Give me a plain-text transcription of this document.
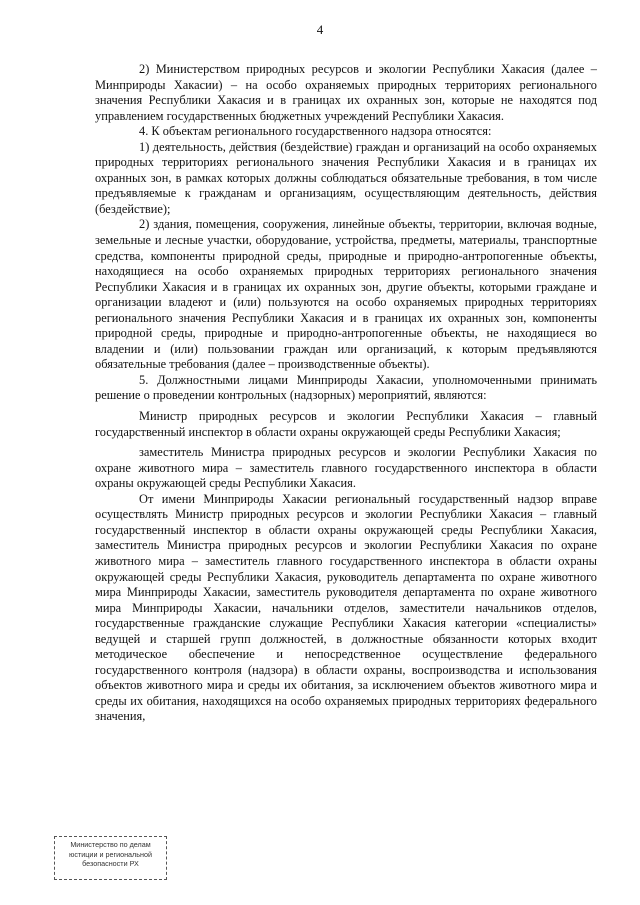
4

2) Министерством природных ресурсов и экологии Республики Хакасия (далее – Минприроды Хакасии) – на особо охраняемых природных территориях регионального значения Республики Хакасия и в границах их охранных зон, которые не находятся под управлением государственных бюджетных учреждений Республики Хакасия.

4. К объектам регионального государственного надзора относятся:

1) деятельность, действия (бездействие) граждан и организаций на особо охраняемых природных территориях регионального значения Республики Хакасия и в границах их охранных зон, в рамках которых должны соблюдаться обязательные требования, в том числе предъявляемые к гражданам и организациям, осуществляющим деятельность, действия (бездействие);

2) здания, помещения, сооружения, линейные объекты, территории, включая водные, земельные и лесные участки, оборудование, устройства, предметы, материалы, транспортные средства, компоненты природной среды, природные и природно-антропогенные объекты, находящиеся на особо охраняемых природных территориях регионального значения Республики Хакасия и в границах их охранных зон, другие объекты, которыми граждане и организации владеют и (или) пользуются на особо охраняемых природных территориях регионального значения Республики Хакасия и в границах их охранных зон, компоненты природной среды, природные и природно-антропогенные объекты, не находящиеся во владении и (или) пользовании граждан или организаций, к которым предъявляются обязательные требования (далее – производственные объекты).

5. Должностными лицами Минприроды Хакасии, уполномоченными принимать решение о проведении контрольных (надзорных) мероприятий, являются:

Министр природных ресурсов и экологии Республики Хакасия – главный государственный инспектор в области охраны окружающей среды Республики Хакасия;

заместитель Министра природных ресурсов и экологии Республики Хакасия по охране животного мира – заместитель главного государственного инспектора в области охраны окружающей среды Республики Хакасия.

От имени Минприроды Хакасии региональный государственный надзор вправе осуществлять Министр природных ресурсов и экологии Республики Хакасия – главный государственный инспектор в области охраны окружающей среды Республики Хакасия, заместитель Министра природных ресурсов и экологии Республики Хакасия по охране животного мира – заместитель главного государственного инспектора в области охраны окружающей среды Республики Хакасия, руководитель департамента по охране животного мира Минприроды Хакасии, заместитель руководителя департамента по охране животного мира Минприроды Хакасии, начальники отделов, заместители начальников отделов, государственные гражданские служащие Республики Хакасия категории «специалисты» ведущей и старшей групп должностей, в должностные обязанности которых входит методическое обеспечение и непосредственное осуществление федерального государственного контроля (надзора) в области охраны, воспроизводства и использования объектов животного мира и среды их обитания, за исключением объектов животного мира и среды их обитания, находящихся на особо охраняемых природных территориях федерального значения,

Министерство по делам
юстиции и региональной
безопасности РХ
